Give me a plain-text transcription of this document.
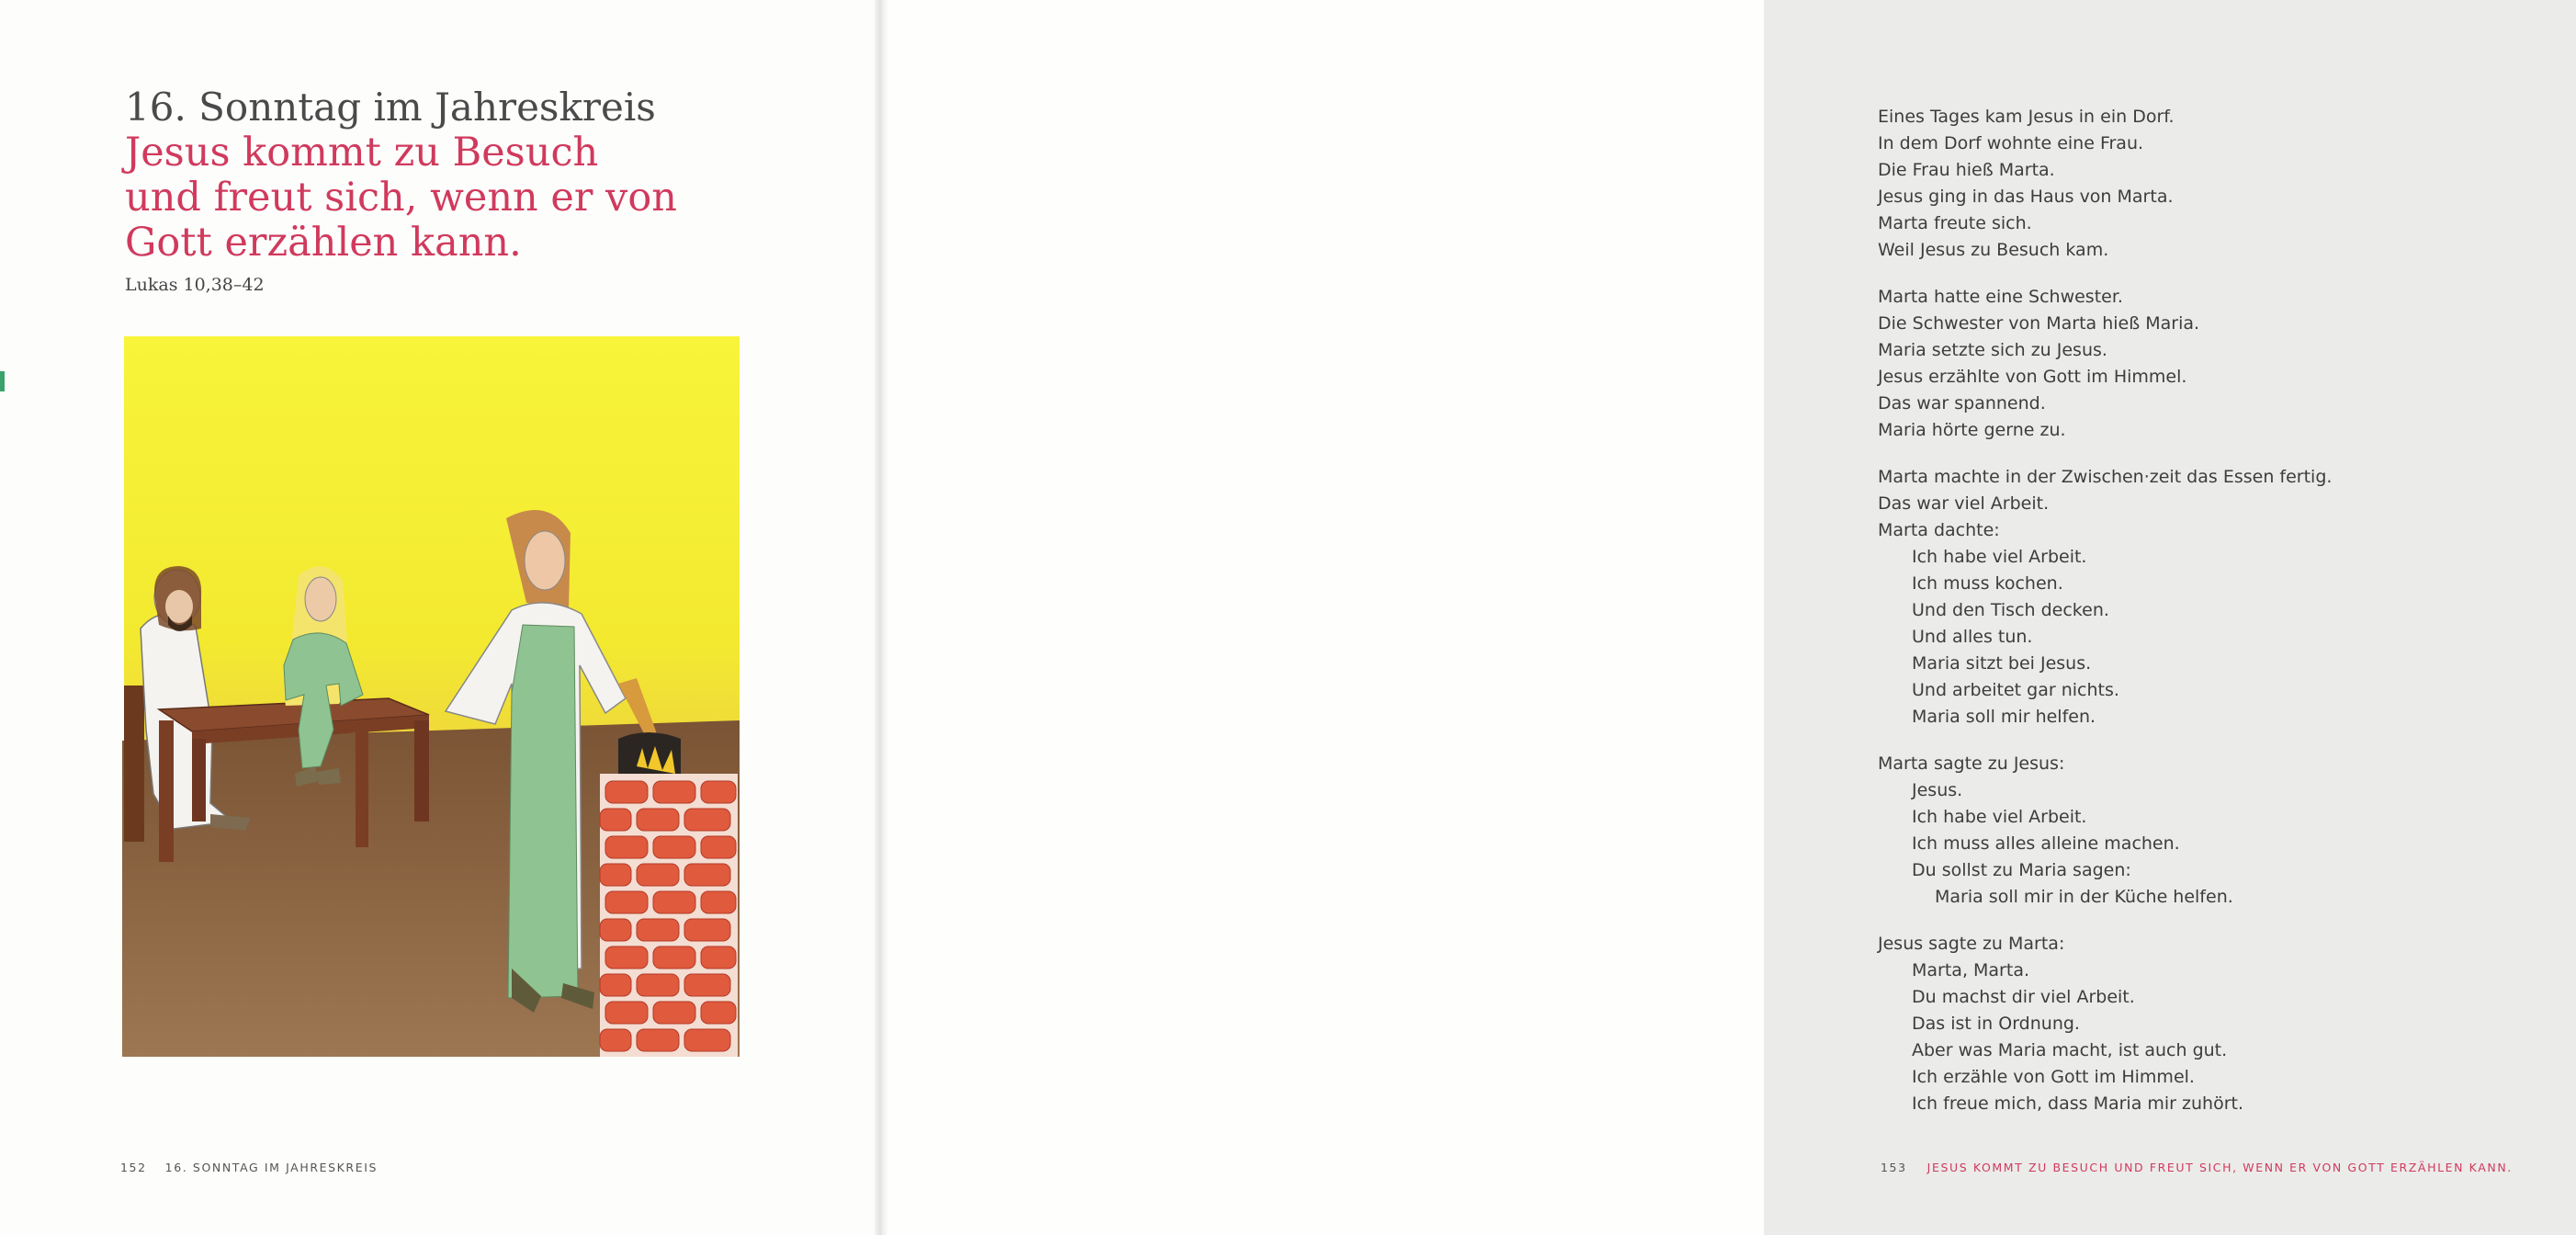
16. Sonntag im Jahreskreis
Jesus kommt zu Besuch
und freut sich, wenn er von
Gott erzählen kann.
Lukas 10,38–42
152 16. SONNTAG IM JAHRESKREIS
Eines Tages kam Jesus in ein Dorf.
In dem Dorf wohnte eine Frau.
Die Frau hieß Marta.
Jesus ging in das Haus von Marta.
Marta freute sich.
Weil Jesus zu Besuch kam.
Marta hatte eine Schwester.
Die Schwester von Marta hieß Maria.
Maria setzte sich zu Jesus.
Jesus erzählte von Gott im Himmel.
Das war spannend.
Maria hörte gerne zu.
Marta machte in der Zwischen·zeit das Essen fertig.
Das war viel Arbeit.
Marta dachte:
Ich habe viel Arbeit.
Ich muss kochen.
Und den Tisch decken.
Und alles tun.
Maria sitzt bei Jesus.
Und arbeitet gar nichts.
Maria soll mir helfen.
Marta sagte zu Jesus:
Jesus.
Ich habe viel Arbeit.
Ich muss alles alleine machen.
Du sollst zu Maria sagen:
Maria soll mir in der Küche helfen.
Jesus sagte zu Marta:
Marta, Marta.
Du machst dir viel Arbeit.
Das ist in Ordnung.
Aber was Maria macht, ist auch gut.
Ich erzähle von Gott im Himmel.
Ich freue mich, dass Maria mir zuhört.
153 JESUS KOMMT ZU BESUCH UND FREUT SICH, WENN ER VON GOTT ERZÄHLEN KANN.
